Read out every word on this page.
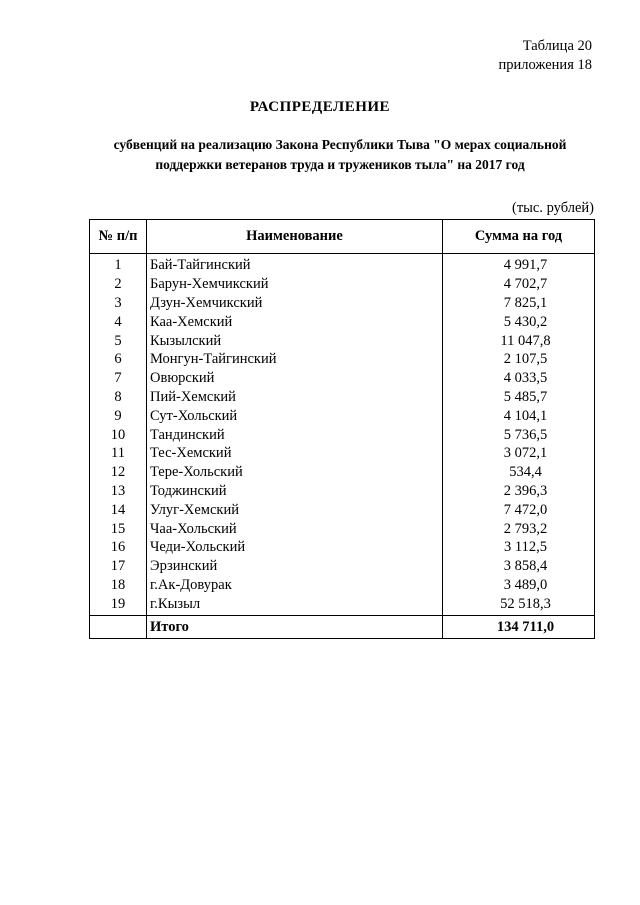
Таблица 20
приложения 18
РАСПРЕДЕЛЕНИЕ
субвенций на реализацию Закона Республики Тыва "О мерах социальной
поддержки ветеранов труда и тружеников тыла" на 2017 год
(тыс. рублей)
№ п/п	Наименование	Сумма на год
1	Бай-Тайгинский	4 991,7
2	Барун-Хемчикский	4 702,7
3	Дзун-Хемчикский	7 825,1
4	Каа-Хемский	5 430,2
5	Кызылский	11 047,8
6	Монгун-Тайгинский	2 107,5
7	Овюрский	4 033,5
8	Пий-Хемский	5 485,7
9	Сут-Хольский	4 104,1
10	Тандинский	5 736,5
11	Тес-Хемский	3 072,1
12	Тере-Хольский	534,4
13	Тоджинский	2 396,3
14	Улуг-Хемский	7 472,0
15	Чаа-Хольский	2 793,2
16	Чеди-Хольский	3 112,5
17	Эрзинский	3 858,4
18	г.Ак-Довурак	3 489,0
19	г.Кызыл	52 518,3
	Итого	134 711,0
